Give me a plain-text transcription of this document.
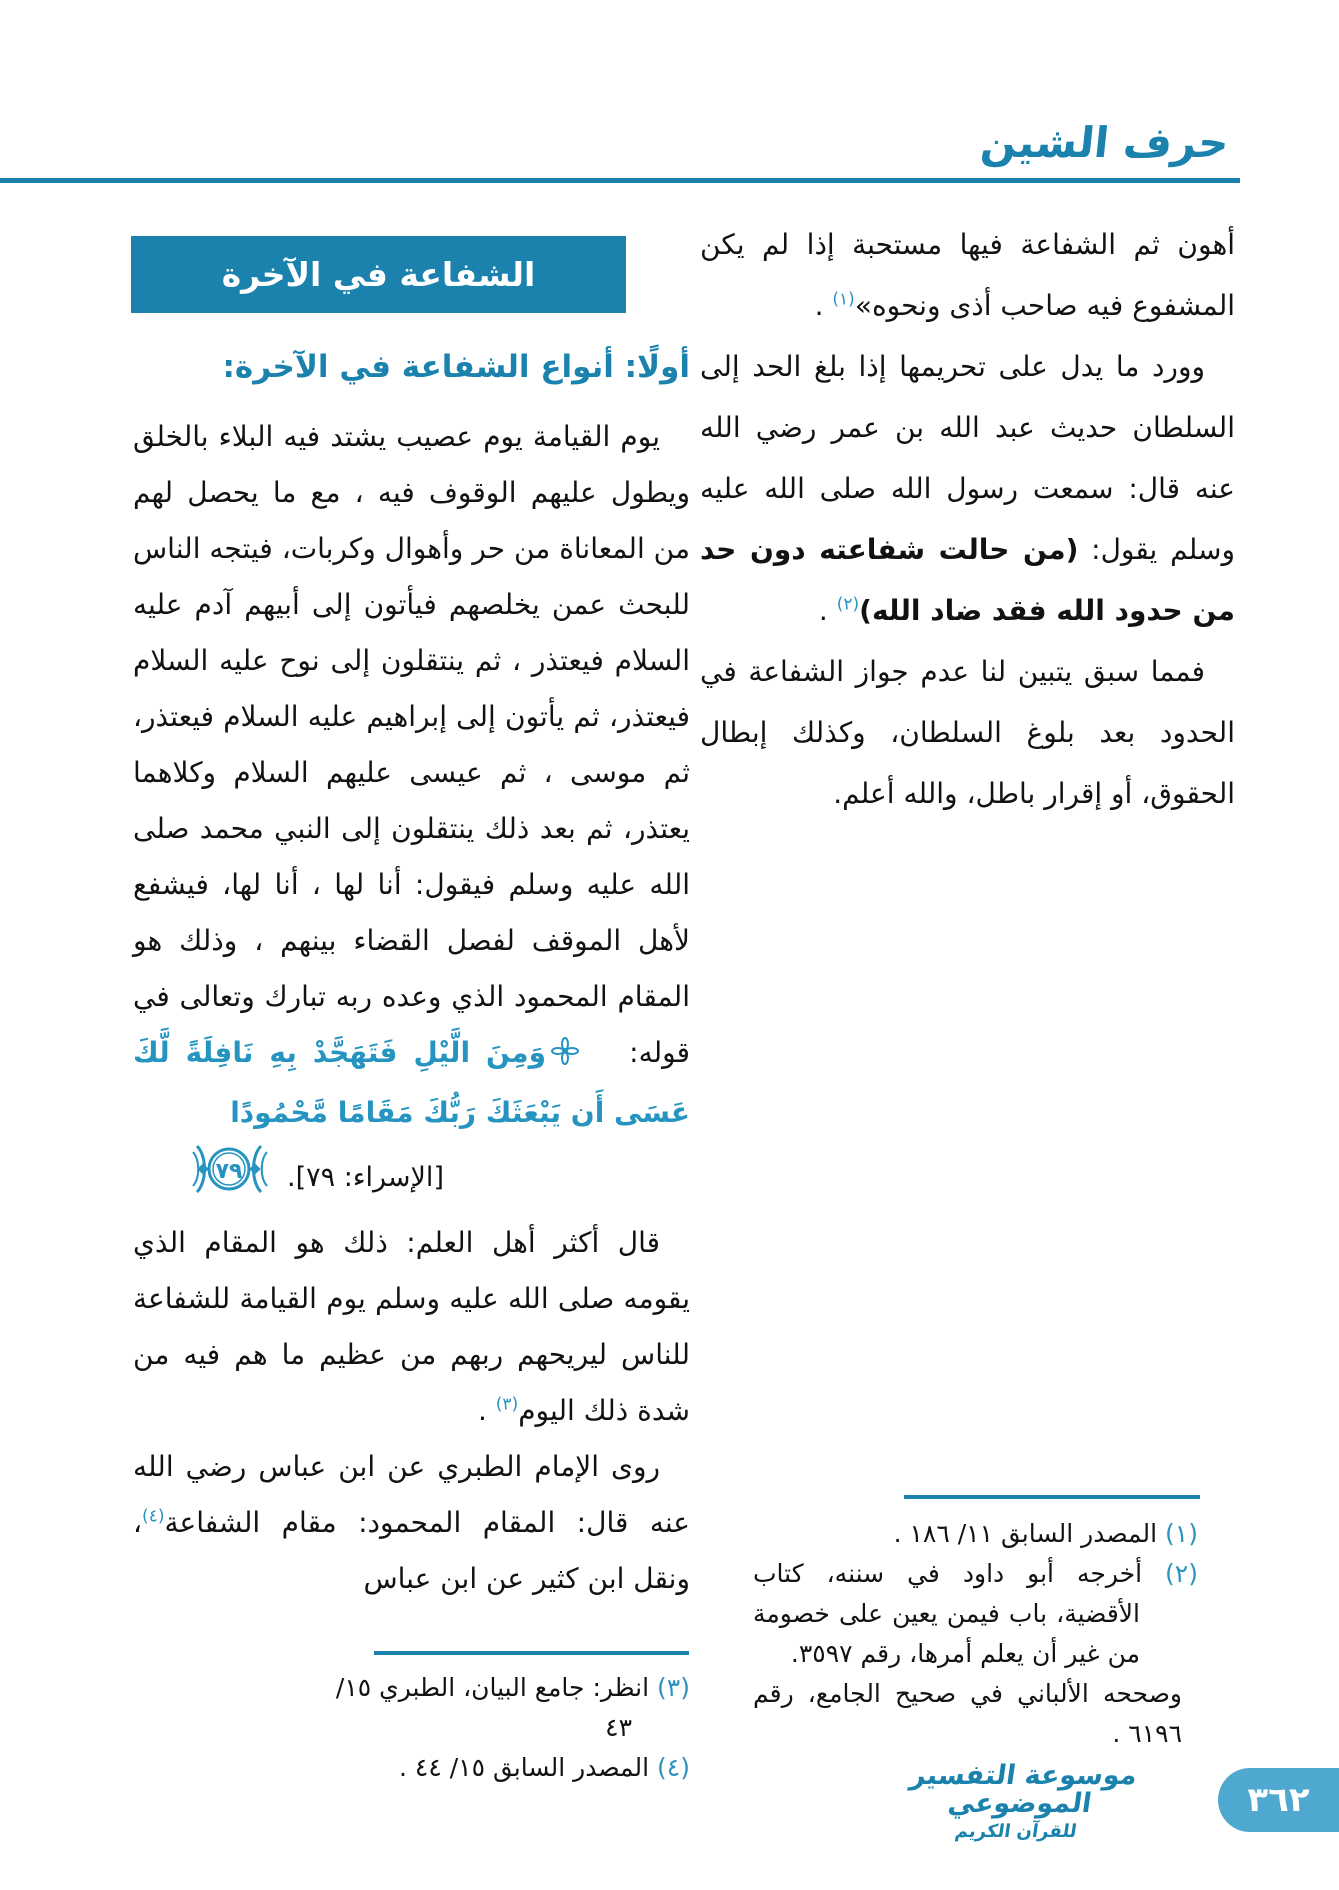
حرف الشين

أهون ثم الشفاعة فيها مستحبة إذا لم يكن المشفوع فيه صاحب أذى ونحوه»$^{(١)}$ .

وورد ما يدل على تحريمها إذا بلغ الحد إلى السلطان حديث عبد الله بن عمر رضي الله عنه قال: سمعت رسول الله صلى الله عليه وسلم يقول: (من حالت شفاعته دون حد من حدود الله فقد ضاد الله)$^{(٢)}$ .

فمما سبق يتبين لنا عدم جواز الشفاعة في الحدود بعد بلوغ السلطان، وكذلك إبطال الحقوق، أو إقرار باطل، والله أعلم.

الشفاعة في الآخرة
أولًا: أنواع الشفاعة في الآخرة:

يوم القيامة يوم عصيب يشتد فيه البلاء بالخلق ويطول عليهم الوقوف فيه ، مع ما يحصل لهم من المعاناة من حر وأهوال وكربات، فيتجه الناس للبحث عمن يخلصهم فيأتون إلى أبيهم آدم عليه السلام فيعتذر ، ثم ينتقلون إلى نوح عليه السلام فيعتذر، ثم يأتون إلى إبراهيم عليه السلام فيعتذر، ثم موسى ، ثم عيسى عليهم السلام وكلاهما يعتذر، ثم بعد ذلك ينتقلون إلى النبي محمد صلى الله عليه وسلم فيقول: أنا لها ، أنا لها، فيشفع لأهل الموقف لفصل القضاء بينهم ، وذلك هو المقام المحمود الذي وعده ربه تبارك وتعالى في قوله: وَمِنَ الَّيْلِ فَتَهَجَّدْ بِهِ نَافِلَةً لَّكَ عَسَى أَن يَبْعَثَكَ رَبُّكَ مَقَامًا مَّحْمُودًا

٧٩ [الإسراء: ٧٩].

قال أكثر أهل العلم: ذلك هو المقام الذي يقومه صلى الله عليه وسلم يوم القيامة للشفاعة للناس ليريحهم ربهم من عظيم ما هم فيه من شدة ذلك اليوم$^{(٣)}$ .

روى الإمام الطبري عن ابن عباس رضي الله عنه قال: المقام المحمود: مقام الشفاعة$^{(٤)}$، ونقل ابن كثير عن ابن عباس

(١) المصدر السابق ١١/ ١٨٦ .

(٢) أخرجه أبو داود في سننه، كتاب الأقضية، باب فيمن يعين على خصومة من غير أن يعلم أمرها، رقم ٣٥٩٧.

وصححه الألباني في صحيح الجامع، رقم ٦١٩٦ .

(٣) انظر: جامع البيان، الطبري ١٥/ ٤٣

(٤) المصدر السابق ١٥/ ٤٤ .	موسوعة التفسير الموضوعي
للقرآن الكريم
٣٦٢
